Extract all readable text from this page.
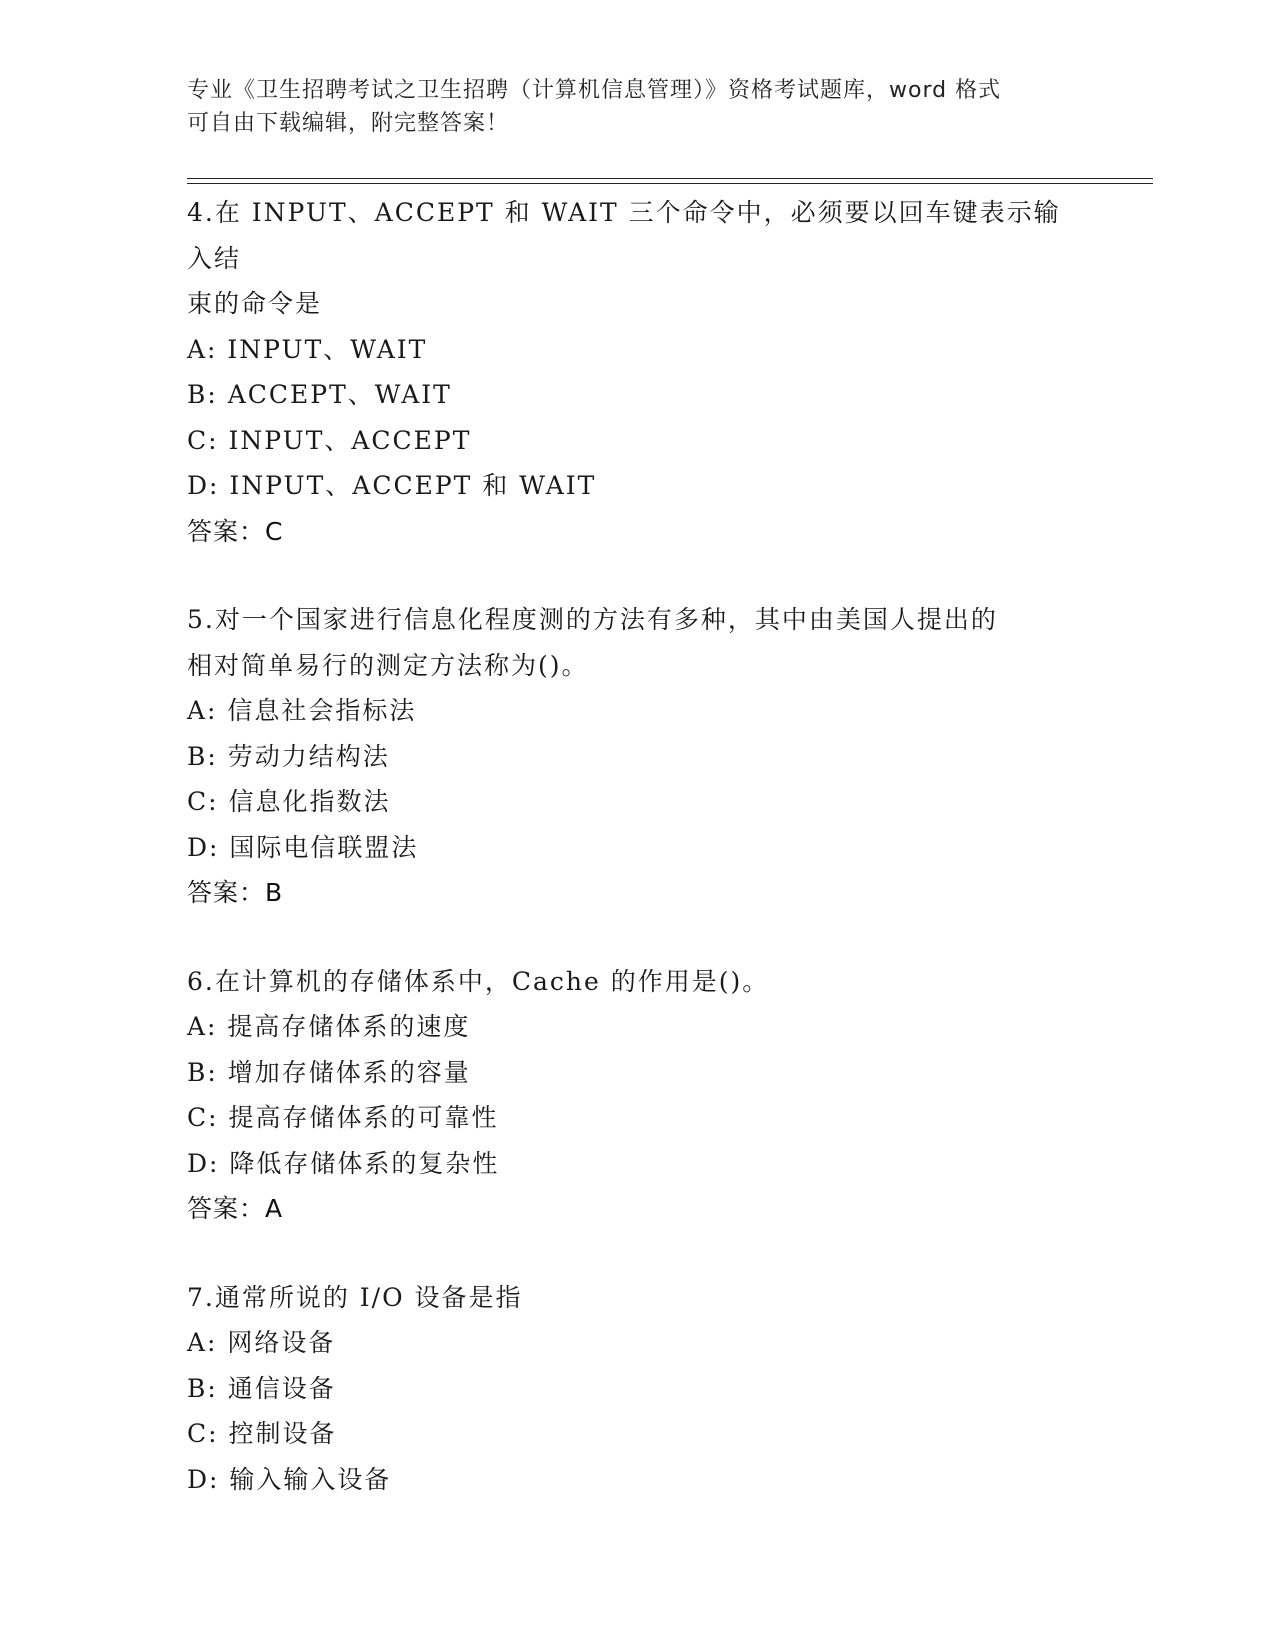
专业《卫生招聘考试之卫生招聘（计算机信息管理）》资格考试题库，word 格式
可自由下载编辑，附完整答案！
4.在 INPUT、ACCEPT 和 WAIT 三个命令中，必须要以回车键表示输入结
束的命令是
A: INPUT、WAIT
B: ACCEPT、WAIT
C: INPUT、ACCEPT
D: INPUT、ACCEPT 和 WAIT
答案：C
5.对一个国家进行信息化程度测的方法有多种，其中由美国人提出的
相对简单易行的测定方法称为()。
A: 信息社会指标法
B: 劳动力结构法
C: 信息化指数法
D: 国际电信联盟法
答案：B
6.在计算机的存储体系中，Cache 的作用是()。
A: 提高存储体系的速度
B: 增加存储体系的容量
C: 提高存储体系的可靠性
D: 降低存储体系的复杂性
答案：A
7.通常所说的 I/O 设备是指
A: 网络设备
B: 通信设备
C: 控制设备
D: 输入输入设备
